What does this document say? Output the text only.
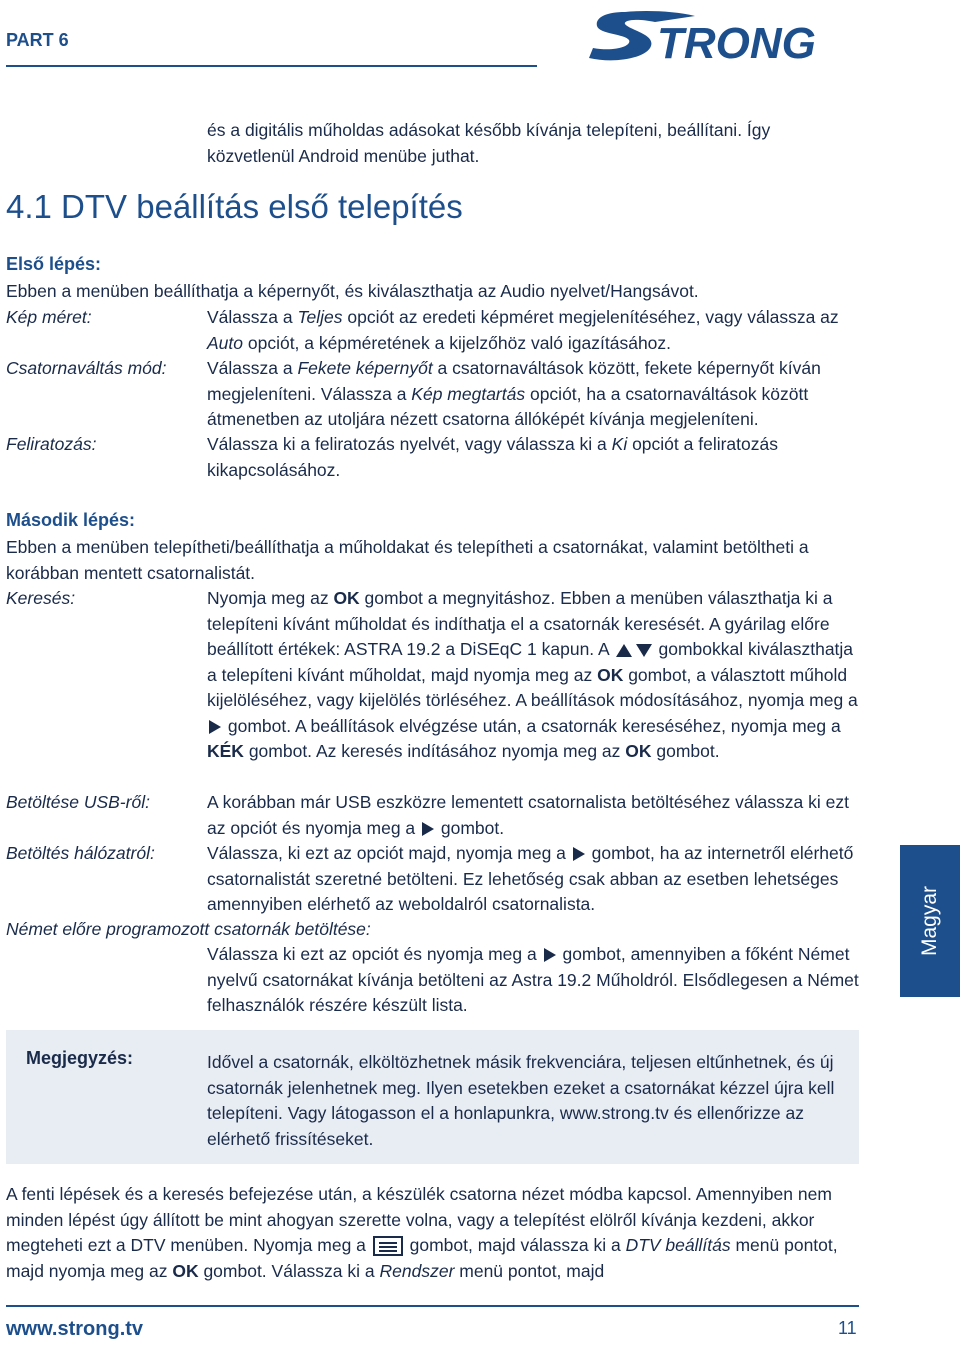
PART 6	TRONG
és a digitális műholdas adásokat később kívánja telepíteni, beállítani. Így közvetlenül Android menübe juthat.
4.1 DTV beállítás első telepítés
Első lépés:
Ebben a menüben beállíthatja a képernyőt, és kiválaszthatja az Audio nyelvet/Hangsávot.
Kép méret:	Válassza a Teljes opciót az eredeti képméret megjelenítéséhez, vagy válassza az Auto opciót, a képméretének a kijelzőhöz való igazításához.
Csatornaváltás mód: Válassza a Fekete képernyőt a csatornaváltások között, fekete képernyőt kíván megjeleníteni. Válassza a Kép megtartás opciót, ha a csatornaváltások között átmenetben az utoljára nézett csatorna állóképét kívánja megjeleníteni.
Feliratozás:	Válassza ki a feliratozás nyelvét, vagy válassza ki a Ki opciót a feliratozás kikapcsolásához.
Második lépés:
Ebben a menüben telepítheti/beállíthatja a műholdakat és telepítheti a csatornákat, valamint betöltheti a korábban mentett csatornalistát.
Keresés:	Nyomja meg az OK gombot a megnyitáshoz. Ebben a menüben választhatja ki a telepíteni kívánt műholdat és indíthatja el a csatornák keresését. A gyárilag előre beállított értékek: ASTRA 19.2 a DiSEqC 1 kapun. A  gombokkal kiválaszthatja a telepíteni kívánt műholdat, majd nyomja meg az OK gombot, a választott műhold kijelöléséhez, vagy kijelölés törléséhez. A beállítások módosításához, nyomja meg a  gombot. A beállítások elvégzése után, a csatornák kereséséhez, nyomja meg a KÉK gombot. Az keresés indításához nyomja meg az OK gombot.
Betöltése USB-ről:	A korábban már USB eszközre lementett csatornalista betöltéséhez válassza ki ezt az opciót és nyomja meg a  gombot.
Betöltés hálózatról:	Válassza, ki ezt az opciót majd, nyomja meg a  gombot, ha az internetről elérhető csatornalistát szeretné betölteni. Ez lehetőség csak abban az esetben lehetséges amennyiben elérhető az weboldalról csatornalista.
Német előre programozott csatornák betöltése:
Válassza ki ezt az opciót és nyomja meg a  gombot, amennyiben a főként Német nyelvű csatornákat kívánja betölteni az Astra 19.2 Műholdról. Elsődlegesen a Német felhasználók részére készült lista.
Megjegyzés:	Idővel a csatornák, elköltözhetnek másik frekvenciára, teljesen eltűnhetnek, és új csatornák jelenhetnek meg. Ilyen esetekben ezeket a csatornákat kézzel újra kell telepíteni. Vagy látogasson el a honlapunkra, www.strong.tv és ellenőrizze az elérhető frissítéseket.
A fenti lépések és a keresés befejezése után, a készülék csatorna nézet módba kapcsol. Amennyiben nem minden lépést úgy állított be mint ahogyan szerette volna, vagy a telepítést elölről kívánja kezdeni, akkor megteheti ezt a DTV menüben. Nyomja meg a  gombot, majd válassza ki a DTV beállítás menü pontot, majd nyomja meg az OK gombot. Válassza ki a Rendszer menü pontot, majd
Magyar
www.strong.tv	11
